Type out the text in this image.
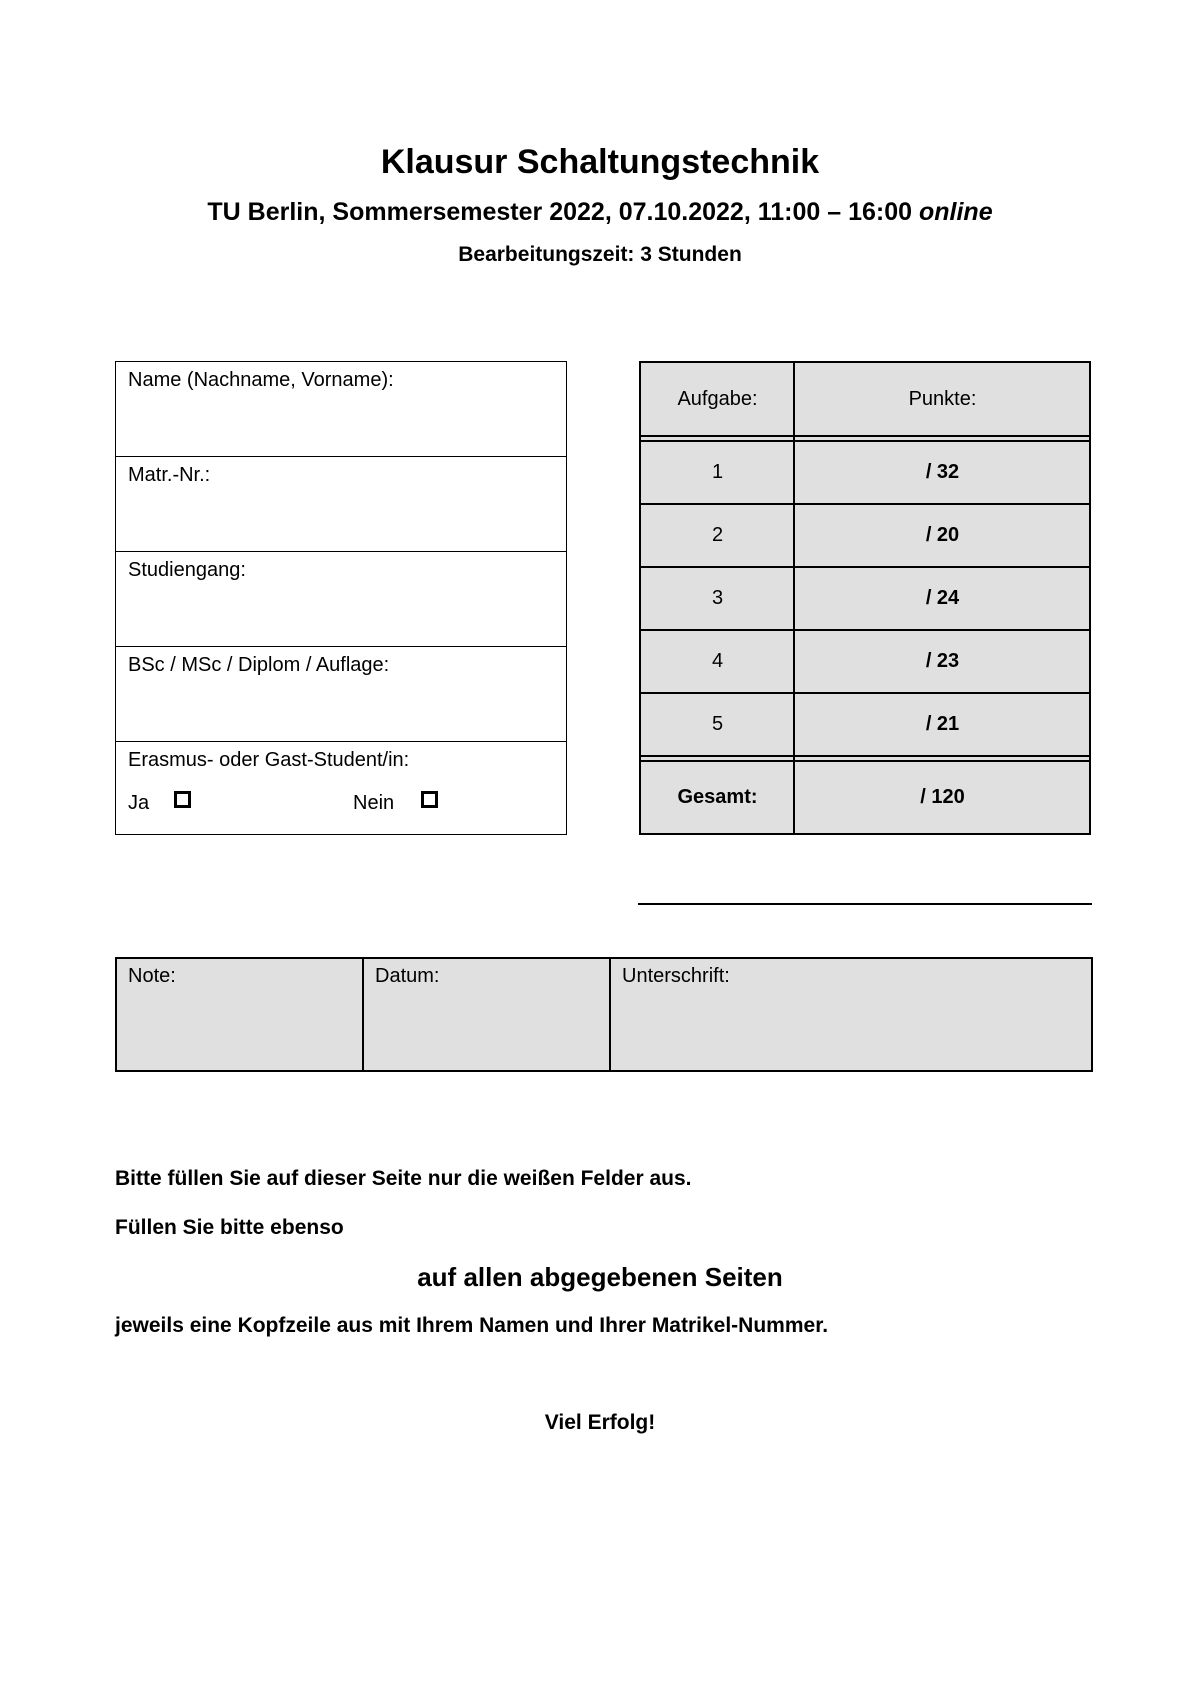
Klausur Schaltungstechnik
TU Berlin, Sommersemester 2022, 07.10.2022, 11:00 – 16:00 online
Bearbeitungszeit: 3 Stunden
Name (Nachname, Vorname):
Matr.-Nr.:
Studiengang:
BSc / MSc / Diplom / Auflage:
Erasmus- oder Gast-Student/in:
Ja	Nein
Aufgabe:	Punkte:
1	/ 32
2	/ 20
3	/ 24
4	/ 23
5	/ 21
Gesamt:	/ 120
Note:	Datum:	Unterschrift:
Bitte füllen Sie auf dieser Seite nur die weißen Felder aus.
Füllen Sie bitte ebenso
auf allen abgegebenen Seiten
jeweils eine Kopfzeile aus mit Ihrem Namen und Ihrer Matrikel-Nummer.
Viel Erfolg!
